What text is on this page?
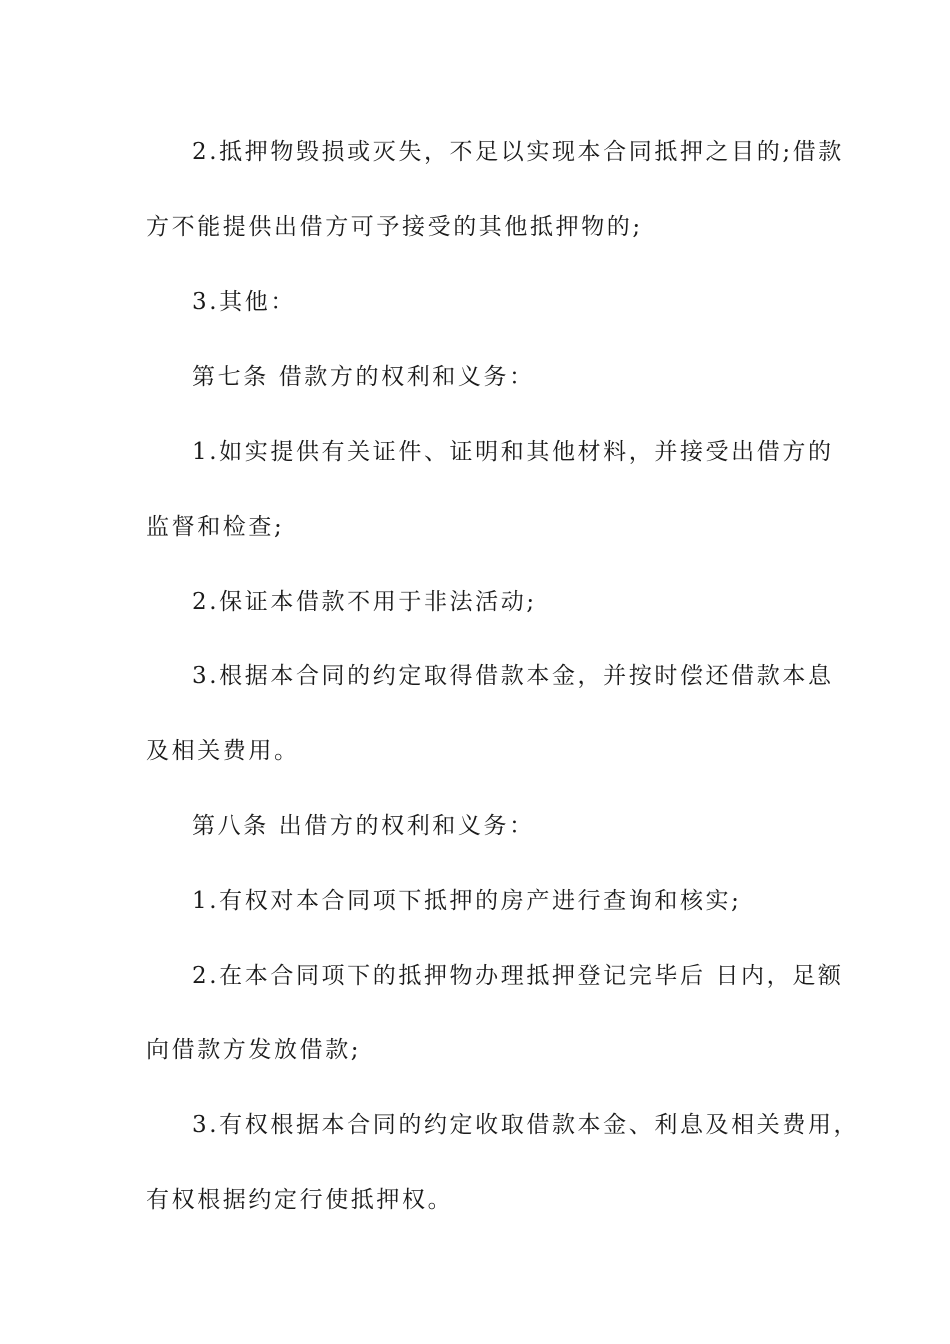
2.抵押物毁损或灭失，不足以实现本合同抵押之目的;借款
方不能提供出借方可予接受的其他抵押物的;
3.其他：
第七条 借款方的权利和义务：
1.如实提供有关证件、证明和其他材料，并接受出借方的
监督和检查;
2.保证本借款不用于非法活动;
3.根据本合同的约定取得借款本金，并按时偿还借款本息
及相关费用。
第八条 出借方的权利和义务：
1.有权对本合同项下抵押的房产进行查询和核实;
2.在本合同项下的抵押物办理抵押登记完毕后 日内，足额
向借款方发放借款;
3.有权根据本合同的约定收取借款本金、利息及相关费用，
有权根据约定行使抵押权。
